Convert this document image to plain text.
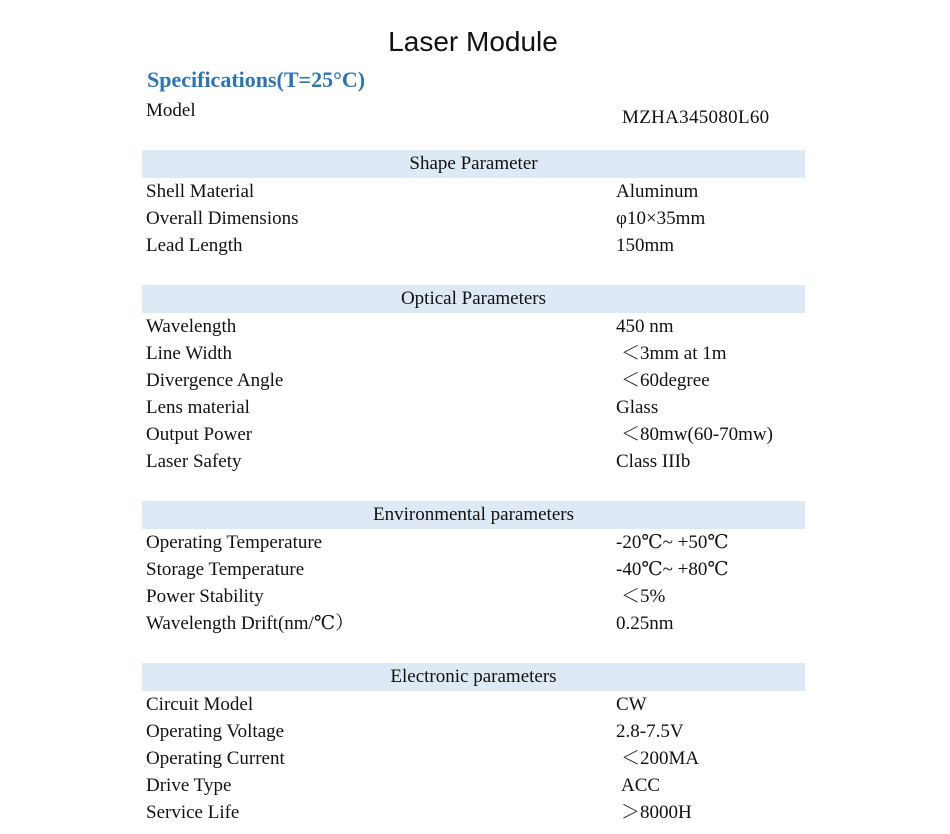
Laser Module
Specifications(T=25°C)
Model	MZHA345080L60
Shape Parameter
Shell Material	Aluminum
Overall Dimensions	φ10×35mm
Lead Length	150mm
Optical Parameters
Wavelength	450 nm
Line Width	＜3mm at 1m
Divergence Angle	＜60degree
Lens material	Glass
Output Power	＜80mw(60-70mw)
Laser Safety	Class IIIb
Environmental parameters
Operating Temperature	-20℃~ +50℃
Storage Temperature	-40℃~ +80℃
Power Stability	＜5%
Wavelength Drift(nm/℃）	0.25nm
Electronic parameters
Circuit Model	CW
Operating Voltage	2.8-7.5V
Operating Current	＜200MA
Drive Type	ACC
Service Life	＞8000H
